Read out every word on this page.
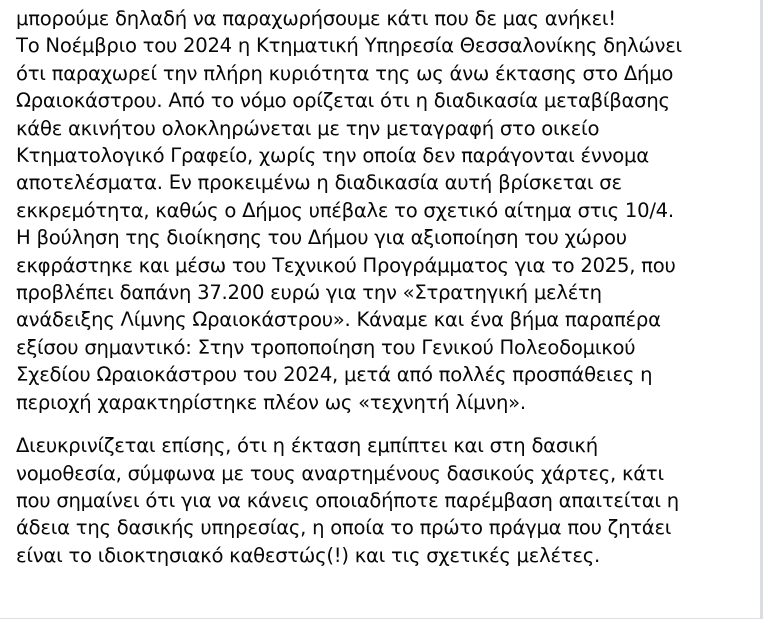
μπορούμε δηλαδή να παραχωρήσουμε κάτι που δε μας ανήκει!
Το Νοέμβριο του 2024 η Κτηματική Υπηρεσία Θεσσαλονίκης δηλώνει
ότι παραχωρεί την πλήρη κυριότητα της ως άνω έκτασης στο Δήμο
Ωραιοκάστρου. Από το νόμο ορίζεται ότι η διαδικασία μεταβίβασης
κάθε ακινήτου ολοκληρώνεται με την μεταγραφή στο οικείο
Κτηματολογικό Γραφείο, χωρίς την οποία δεν παράγονται έννομα
αποτελέσματα. Εν προκειμένω η διαδικασία αυτή βρίσκεται σε
εκκρεμότητα, καθώς ο Δήμος υπέβαλε το σχετικό αίτημα στις 10/4.
Η βούληση της διοίκησης του Δήμου για αξιοποίηση του χώρου
εκφράστηκε και μέσω του Τεχνικού Προγράμματος για το 2025, που
προβλέπει δαπάνη 37.200 ευρώ για την «Στρατηγική μελέτη
ανάδειξης Λίμνης Ωραιοκάστρου». Κάναμε και ένα βήμα παραπέρα
εξίσου σημαντικό: Στην τροποποίηση του Γενικού Πολεοδομικού
Σχεδίου Ωραιοκάστρου του 2024, μετά από πολλές προσπάθειες η
περιοχή χαρακτηρίστηκε πλέον ως «τεχνητή λίμνη».

Διευκρινίζεται επίσης, ότι η έκταση εμπίπτει και στη δασική
νομοθεσία, σύμφωνα με τους αναρτημένους δασικούς χάρτες, κάτι
που σημαίνει ότι για να κάνεις οποιαδήποτε παρέμβαση απαιτείται η
άδεια της δασικής υπηρεσίας, η οποία το πρώτο πράγμα που ζητάει
είναι το ιδιοκτησιακό καθεστώς(!) και τις σχετικές μελέτες.
